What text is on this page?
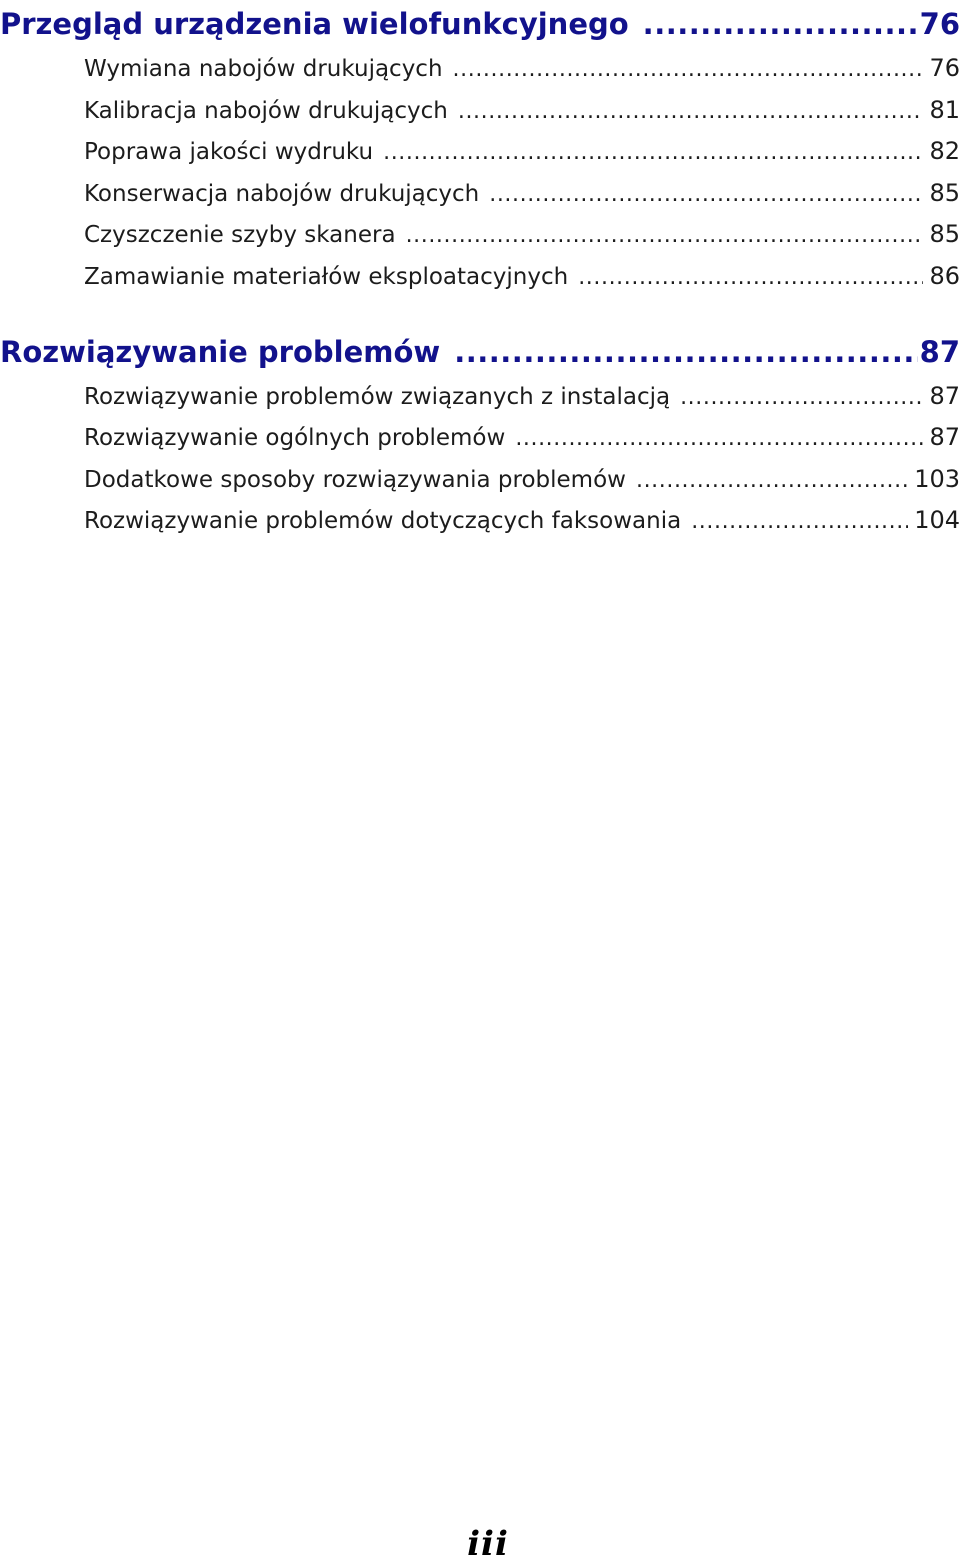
Przegląd urządzenia wielofunkcyjnego .....	76
Wymiana nabojów drukujących .....	76
Kalibracja nabojów drukujących .....	81
Poprawa jakości wydruku .....	82
Konserwacja nabojów drukujących .....	85
Czyszczenie szyby skanera .....	85
Zamawianie materiałów eksploatacyjnych .....	86
Rozwiązywanie problemów .....	87
Rozwiązywanie problemów związanych z instalacją .....	87
Rozwiązywanie ogólnych problemów .....	87
Dodatkowe sposoby rozwiązywania problemów .....	103
Rozwiązywanie problemów dotyczących faksowania .....	104
iii
